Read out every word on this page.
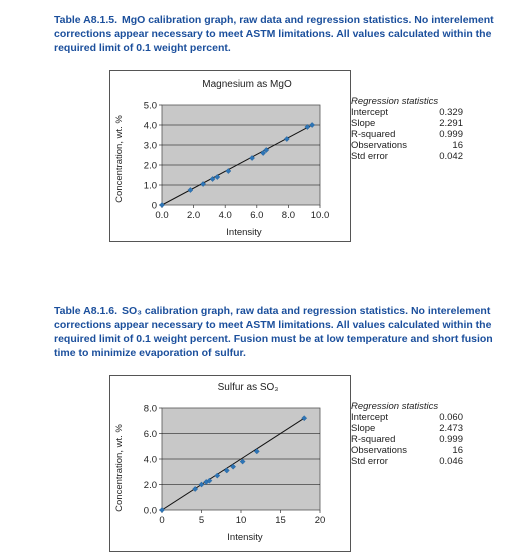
Table A8.1.5. MgO calibration graph, raw data and regression statistics. No interelement corrections appear necessary to meet ASTM limitations. All values calculated within the required limit of 0.1 weight percent.
Magnesium as MgO
Concentration, wt. %
Intensity
0
1.0
2.0
3.0
4.0
5.0
0.0 2.0 4.0 6.0 8.0 10.0
Regression statistics
Intercept	0.329
Slope	2.291
R-squared	0.999
Observations	16
Std error	0.042
Table A8.1.6. SO₃ calibration graph, raw data and regression statistics. No interelement corrections appear necessary to meet ASTM limitations. All values calculated within the required limit of 0.1 weight percent. Fusion must be at low temperature and short fusion time to minimize evaporation of sulfur.
Sulfur as SO₃
Concentration, wt. %
Intensity
0.0
2.0
4.0
6.0
8.0
0	5	10	15	20
Regression statistics
Intercept	0.060
Slope	2.473
R-squared	0.999
Observations	16
Std error	0.046
